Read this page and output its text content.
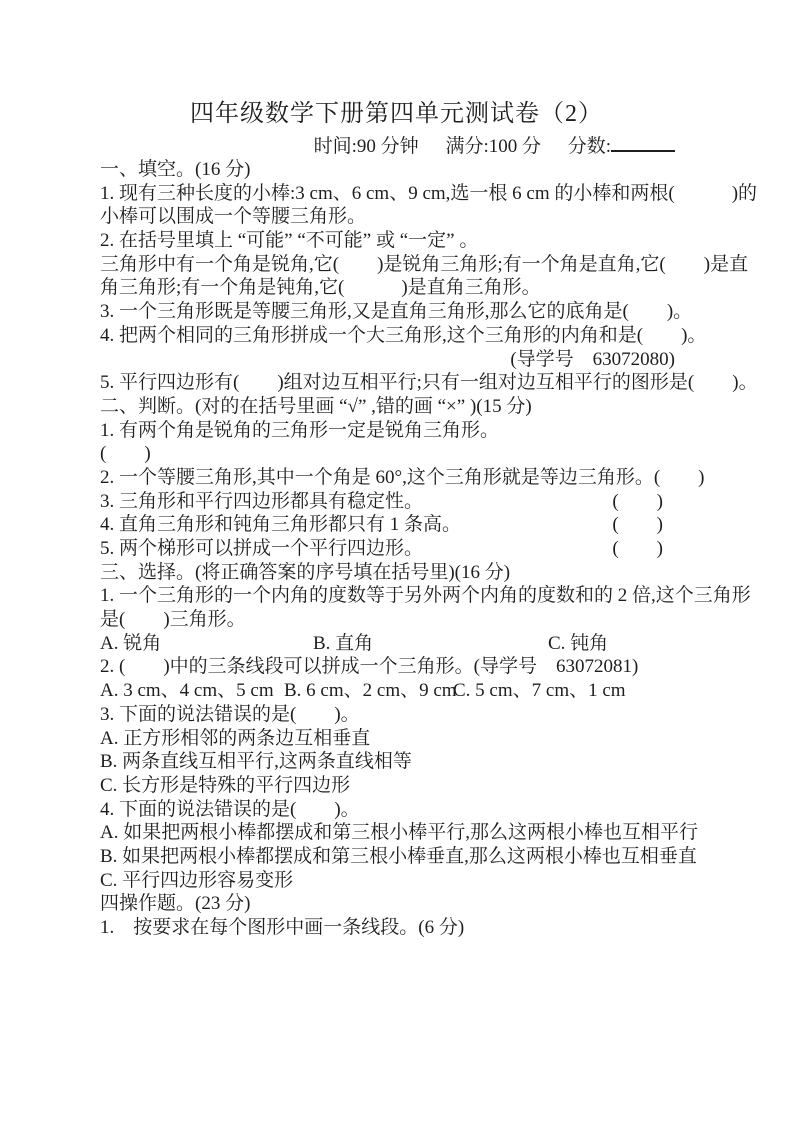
四年级数学下册第四单元测试卷（2）
时间:90 分钟 满分:100 分 分数:
一、填空。(16 分)
1. 现有三种长度的小棒:3 cm、6 cm、9 cm,选一根 6 cm 的小棒和两根(　　　)的
小棒可以围成一个等腰三角形。
2. 在括号里填上 “可能” “不可能” 或 “一定” 。
三角形中有一个角是锐角,它(　　)是锐角三角形;有一个角是直角,它(　　)是直
角三角形;有一个角是钝角,它(　　　)是直角三角形。
3. 一个三角形既是等腰三角形,又是直角三角形,那么它的底角是(　　)。
4. 把两个相同的三角形拼成一个大三角形,这个三角形的内角和是(　　)。
(导学号　63072080)
5. 平行四边形有(　　)组对边互相平行;只有一组对边互相平行的图形是(　　)。
二、判断。(对的在括号里画 “√” ,错的画 “×” )(15 分)
1. 有两个角是锐角的三角形一定是锐角三角形。
(　　)
2. 一个等腰三角形,其中一个角是 60°,这个三角形就是等边三角形。 (　　)
3. 三角形和平行四边形都具有稳定性。	(　　)
4. 直角三角形和钝角三角形都只有 1 条高。	(　　)
5. 两个梯形可以拼成一个平行四边形。	(　　)
三、选择。(将正确答案的序号填在括号里)(16 分)
1. 一个三角形的一个内角的度数等于另外两个内角的度数和的 2 倍,这个三角形
是(　　)三角形。
A. 锐角	B. 直角	C. 钝角
2. (　　)中的三条线段可以拼成一个三角形。(导学号　63072081)
A. 3 cm、4 cm、5 cm B. 6 cm、2 cm、9 cm
C. 5 cm、7 cm、1 cm
3. 下面的说法错误的是(　　)。
A. 正方形相邻的两条边互相垂直
B. 两条直线互相平行,这两条直线相等
C. 长方形是特殊的平行四边形
4. 下面的说法错误的是(　　)。
A. 如果把两根小棒都摆成和第三根小棒平行,那么这两根小棒也互相平行
B. 如果把两根小棒都摆成和第三根小棒垂直,那么这两根小棒也互相垂直
C. 平行四边形容易变形
四操作题。(23 分)
1.　按要求在每个图形中画一条线段。(6 分)
